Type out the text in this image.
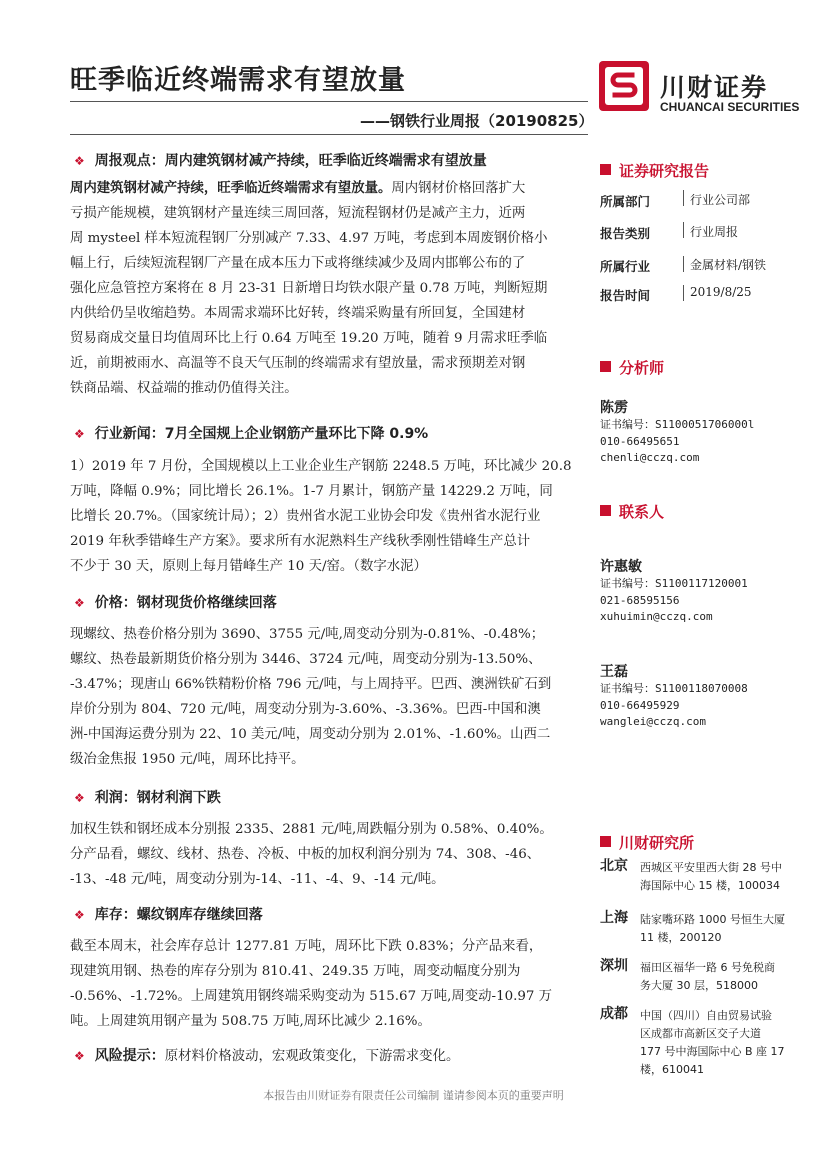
旺季临近终端需求有望放量
——钢铁行业周报（20190825）
川财证券
CHUANCAI SECURITIES
❖ 周报观点：周内建筑钢材减产持续，旺季临近终端需求有望放量
周内建筑钢材减产持续，旺季临近终端需求有望放量。周内钢材价格回落扩大
亏损产能规模，建筑钢材产量连续三周回落，短流程钢材仍是减产主力，近两
周 mysteel 样本短流程钢厂分别减产 7.33、4.97 万吨，考虑到本周废钢价格小
幅上行，后续短流程钢厂产量在成本压力下或将继续减少及周内邯郸公布的了
强化应急管控方案将在 8 月 23-31 日新增日均铁水限产量 0.78 万吨，判断短期
内供给仍呈收缩趋势。本周需求端环比好转，终端采购量有所回复，全国建材
贸易商成交量日均值周环比上行 0.64 万吨至 19.20 万吨，随着 9 月需求旺季临
近，前期被雨水、高温等不良天气压制的终端需求有望放量，需求预期差对钢
铁商品端、权益端的推动仍值得关注。
❖ 行业新闻：7月全国规上企业钢筋产量环比下降 0.9%
1）2019 年 7 月份，全国规模以上工业企业生产钢筋 2248.5 万吨，环比减少 20.8
万吨，降幅 0.9%；同比增长 26.1%。1-7 月累计，钢筋产量 14229.2 万吨，同
比增长 20.7%。（国家统计局）；2）贵州省水泥工业协会印发《贵州省水泥行业
2019 年秋季错峰生产方案》。要求所有水泥熟料生产线秋季刚性错峰生产总计
不少于 30 天，原则上每月错峰生产 10 天/窑。（数字水泥）
❖ 价格：钢材现货价格继续回落
现螺纹、热卷价格分别为 3690、3755 元/吨,周变动分别为-0.81%、-0.48%；
螺纹、热卷最新期货价格分别为 3446、3724 元/吨，周变动分别为-13.50%、
-3.47%；现唐山 66%铁精粉价格 796 元/吨，与上周持平。巴西、澳洲铁矿石到
岸价分别为 804、720 元/吨，周变动分别为-3.60%、-3.36%。巴西-中国和澳
洲-中国海运费分别为 22、10 美元/吨，周变动分别为 2.01%、-1.60%。山西二
级冶金焦报 1950 元/吨，周环比持平。
❖ 利润：钢材利润下跌
加权生铁和钢坯成本分别报 2335、2881 元/吨,周跌幅分别为 0.58%、0.40%。
分产品看，螺纹、线材、热卷、冷板、中板的加权利润分别为 74、308、-46、
-13、-48 元/吨，周变动分别为-14、-11、-4、9、-14 元/吨。
❖ 库存：螺纹钢库存继续回落
截至本周末，社会库存总计 1277.81 万吨，周环比下跌 0.83%；分产品来看，
现建筑用钢、热卷的库存分别为 810.41、249.35 万吨，周变动幅度分别为
-0.56%、-1.72%。上周建筑用钢终端采购变动为 515.67 万吨,周变动-10.97 万
吨。上周建筑用钢产量为 508.75 万吨,周环比减少 2.16%。
❖ 风险提示：原材料价格波动，宏观政策变化，下游需求变化。
证券研究报告
所属部门	行业公司部
报告类别	行业周报
所属行业	金属材料/钢铁
报告时间	2019/8/25
分析师
陈雳
证书编号：S1100051706000l
010-66495651
chenli@cczq.com
联系人
许惠敏
证书编号：S1100117120001
021-68595156
xuhuimin@cczq.com
王磊
证书编号：S1100118070008
010-66495929
wanglei@cczq.com
川财研究所
北京 西城区平安里西大街 28 号中
海国际中心 15 楼，100034
上海 陆家嘴环路 1000 号恒生大厦
11 楼，200120
深圳 福田区福华一路 6 号免税商
务大厦 30 层，518000
成都 中国（四川）自由贸易试验
区成都市高新区交子大道
177 号中海国际中心 B 座 17
楼，610041
本报告由川财证券有限责任公司编制 谨请参阅本页的重要声明
